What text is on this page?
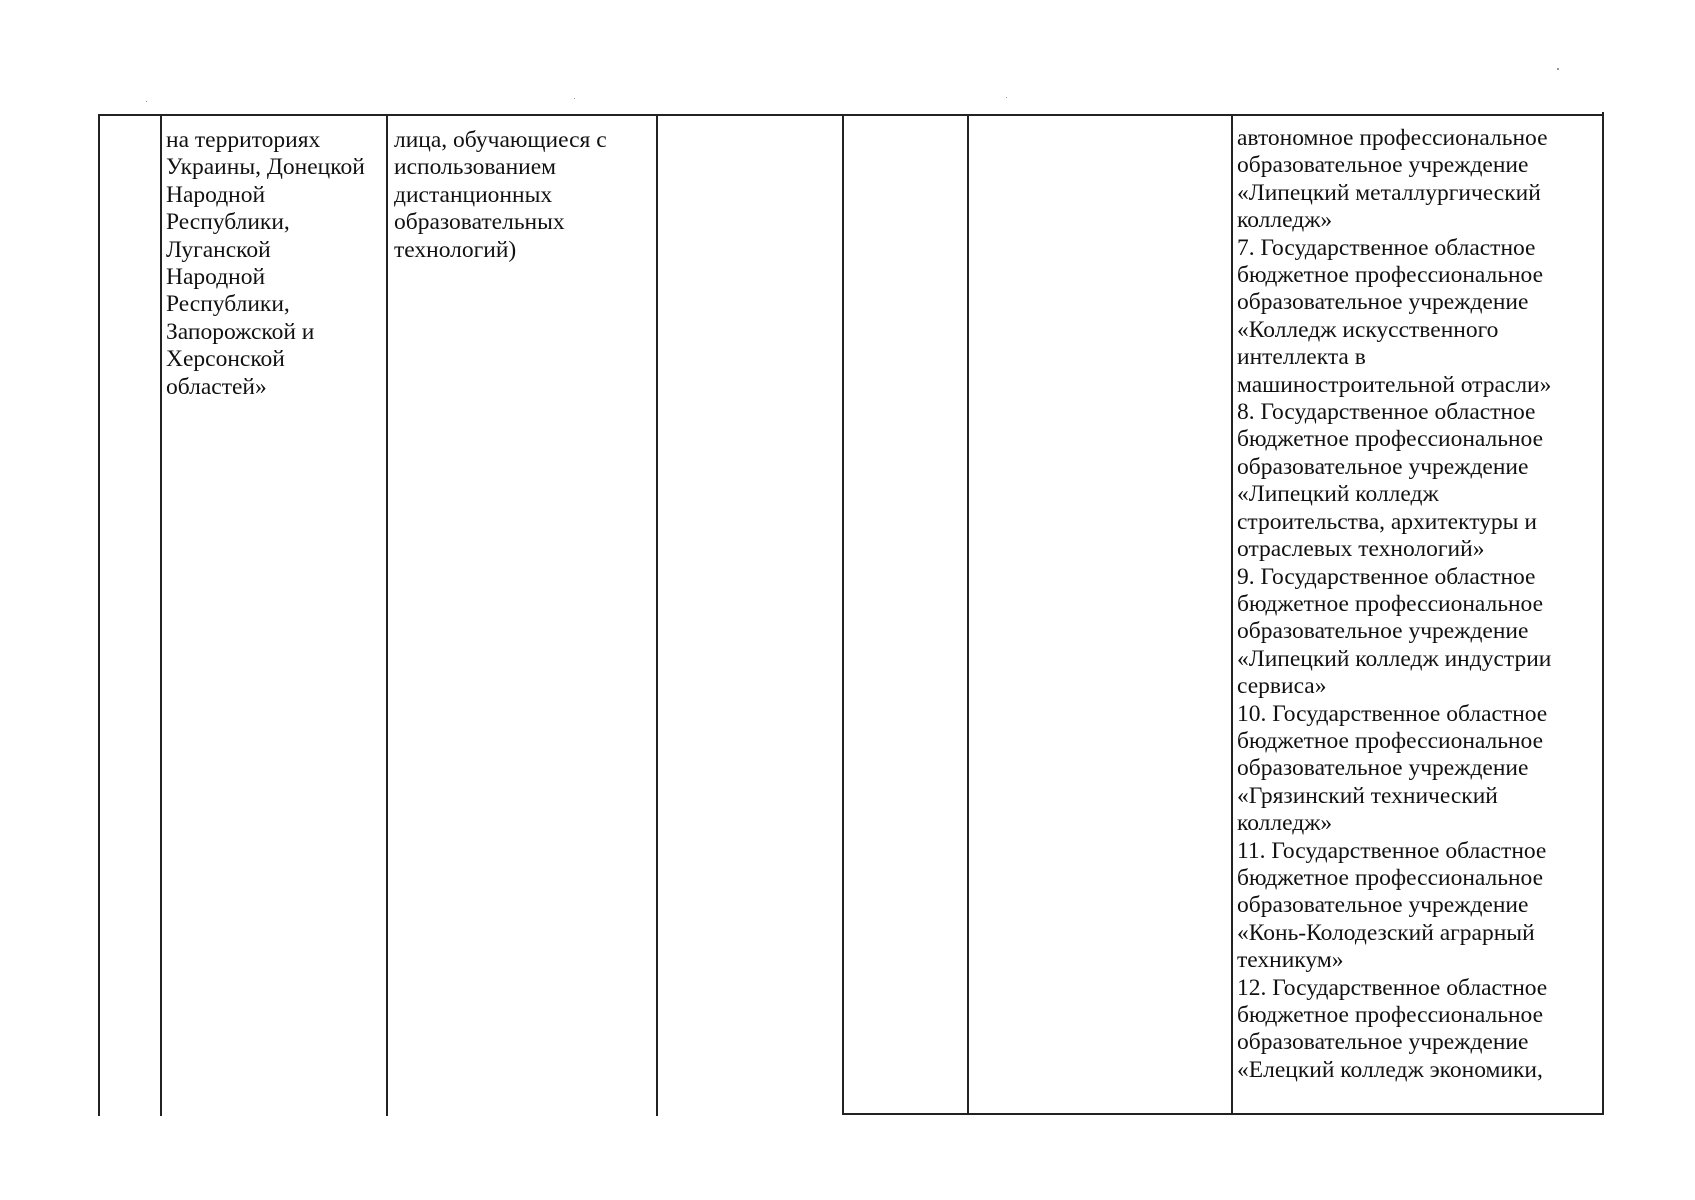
на территориях
Украины, Донецкой
Народной
Республики,
Луганской
Народной
Республики,
Запорожской и
Херсонской
областей»

лица, обучающиеся с
использованием
дистанционных
образовательных
технологий)

автономное профессиональное
образовательное учреждение
«Липецкий металлургический
колледж»
7. Государственное областное
бюджетное профессиональное
образовательное учреждение
«Колледж искусственного
интеллекта в
машиностроительной отрасли»
8. Государственное областное
бюджетное профессиональное
образовательное учреждение
«Липецкий колледж
строительства, архитектуры и
отраслевых технологий»
9. Государственное областное
бюджетное профессиональное
образовательное учреждение
«Липецкий колледж индустрии
сервиса»
10. Государственное областное
бюджетное профессиональное
образовательное учреждение
«Грязинский технический
колледж»
11. Государственное областное
бюджетное профессиональное
образовательное учреждение
«Конь-Колодезский аграрный
техникум»
12. Государственное областное
бюджетное профессиональное
образовательное учреждение
«Елецкий колледж экономики,
